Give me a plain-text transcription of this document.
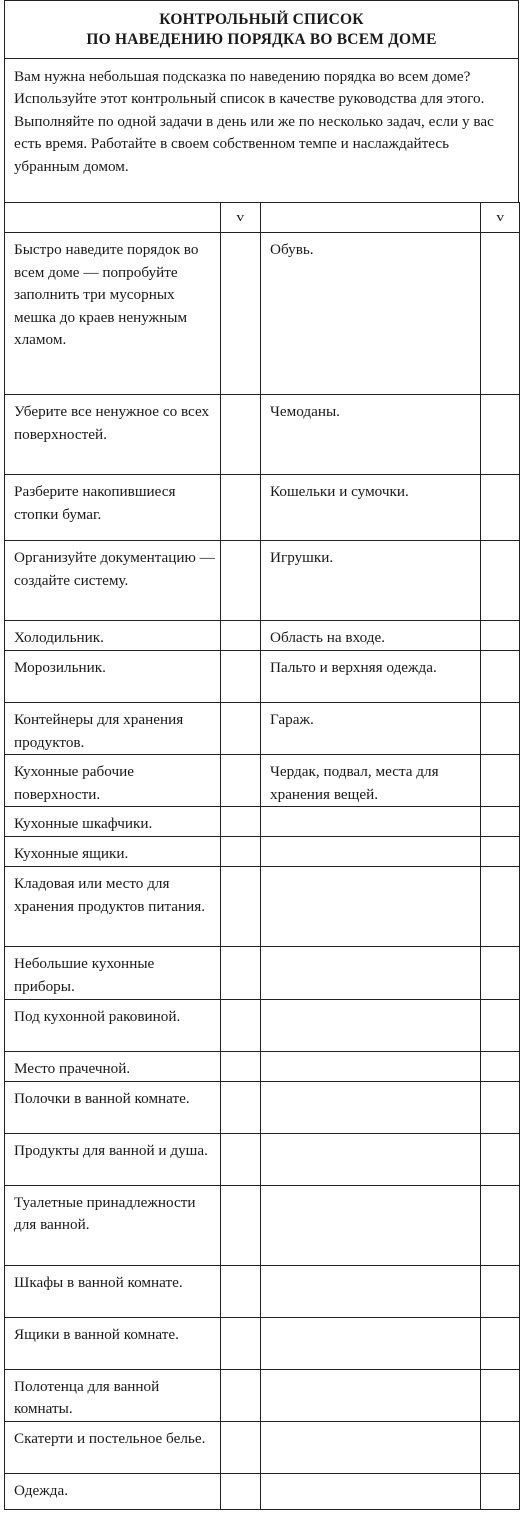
КОНТРОЛЬНЫЙ СПИСОК
ПО НАВЕДЕНИЮ ПОРЯДКА ВО ВСЕМ ДОМЕ
Вам нужна небольшая подсказка по наведению порядка во всем доме? Используйте этот контрольный список в качестве руководства для этого. Выполняйте по одной задачи в день или же по несколько задач, если у вас есть время. Работайте в своем собственном темпе и наслаждайтесь убранным домом.
	v		v
Быстро наведите порядок во всем доме — попробуйте заполнить три мусорных мешка до краев ненужным хламом.		Обувь.	
Уберите все ненужное со всех поверхностей.		Чемоданы.	
Разберите накопившиеся стопки бумаг.		Кошельки и сумочки.	
Организуйте документацию — создайте систему.		Игрушки.	
Холодильник.		Область на входе.	
Морозильник.		Пальто и верхняя одежда.	
Контейнеры для хранения продуктов.		Гараж.	
Кухонные рабочие поверхности.		Чердак, подвал, места для хранения вещей.	
Кухонные шкафчики.			
Кухонные ящики.			
Кладовая или место для хранения продуктов питания.			
Небольшие кухонные приборы.			
Под кухонной раковиной.			
Место прачечной.			
Полочки в ванной комнате.			
Продукты для ванной и душа.			
Туалетные принадлежности для ванной.			
Шкафы в ванной комнате.			
Ящики в ванной комнате.			
Полотенца для ванной комнаты.			
Скатерти и постельное белье.			
Одежда.			
